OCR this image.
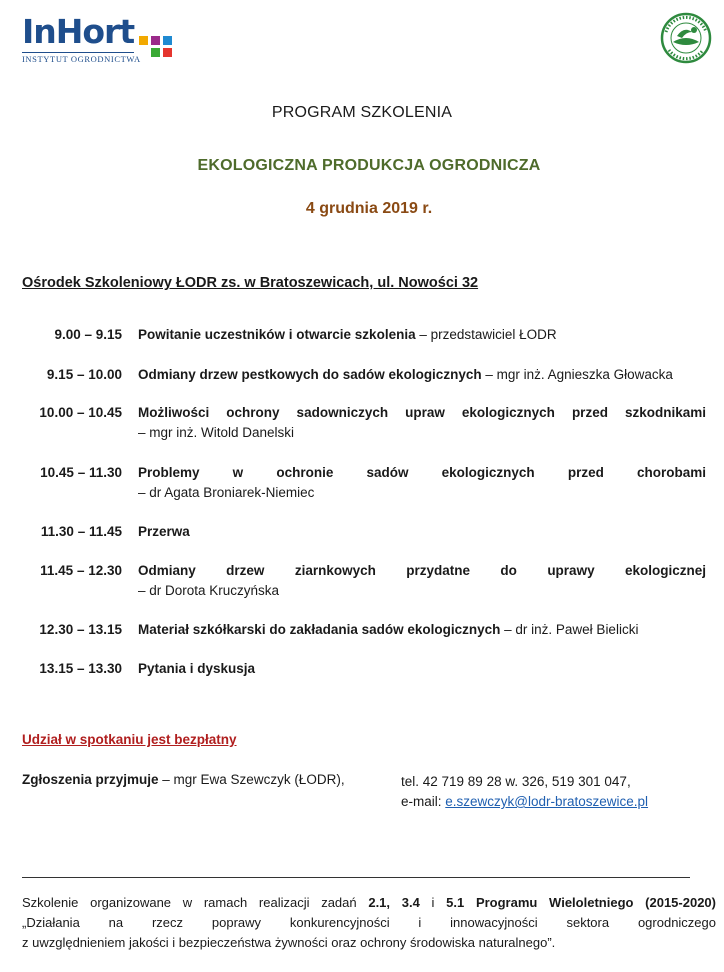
InHort
INSTYTUT OGRODNICTWA
PROGRAM SZKOLENIA
EKOLOGICZNA PRODUKCJA OGRODNICZA
4 grudnia 2019 r.
Ośrodek Szkoleniowy ŁODR zs. w Bratoszewicach, ul. Nowości 32
9.00 – 9.15 Powitanie uczestników i otwarcie szkolenia – przedstawiciel ŁODR
9.15 – 10.00 Odmiany drzew pestkowych do sadów ekologicznych – mgr inż. Agnieszka Głowacka
10.00 – 10.45 Możliwości ochrony sadowniczych upraw ekologicznych przed szkodnikami
– mgr inż. Witold Danelski
10.45 – 11.30 Problemy w ochronie sadów ekologicznych przed chorobami
– dr Agata Broniarek-Niemiec
11.30 – 11.45 Przerwa
11.45 – 12.30 Odmiany drzew ziarnkowych przydatne do uprawy ekologicznej
– dr Dorota Kruczyńska
12.30 – 13.15 Materiał szkółkarski do zakładania sadów ekologicznych – dr inż. Paweł Bielicki
13.15 – 13.30 Pytania i dyskusja
Udział w spotkaniu jest bezpłatny
Zgłoszenia przyjmuje – mgr Ewa Szewczyk (ŁODR),	tel. 42 719 89 28 w. 326, 519 301 047,
e-mail: e.szewczyk@lodr-bratoszewice.pl
Szkolenie organizowane w ramach realizacji zadań 2.1, 3.4 i 5.1 Programu Wieloletniego (2015-2020)
„Działania na rzecz poprawy konkurencyjności i innowacyjności sektora ogrodniczego
z uwzględnieniem jakości i bezpieczeństwa żywności oraz ochrony środowiska naturalnego”.
